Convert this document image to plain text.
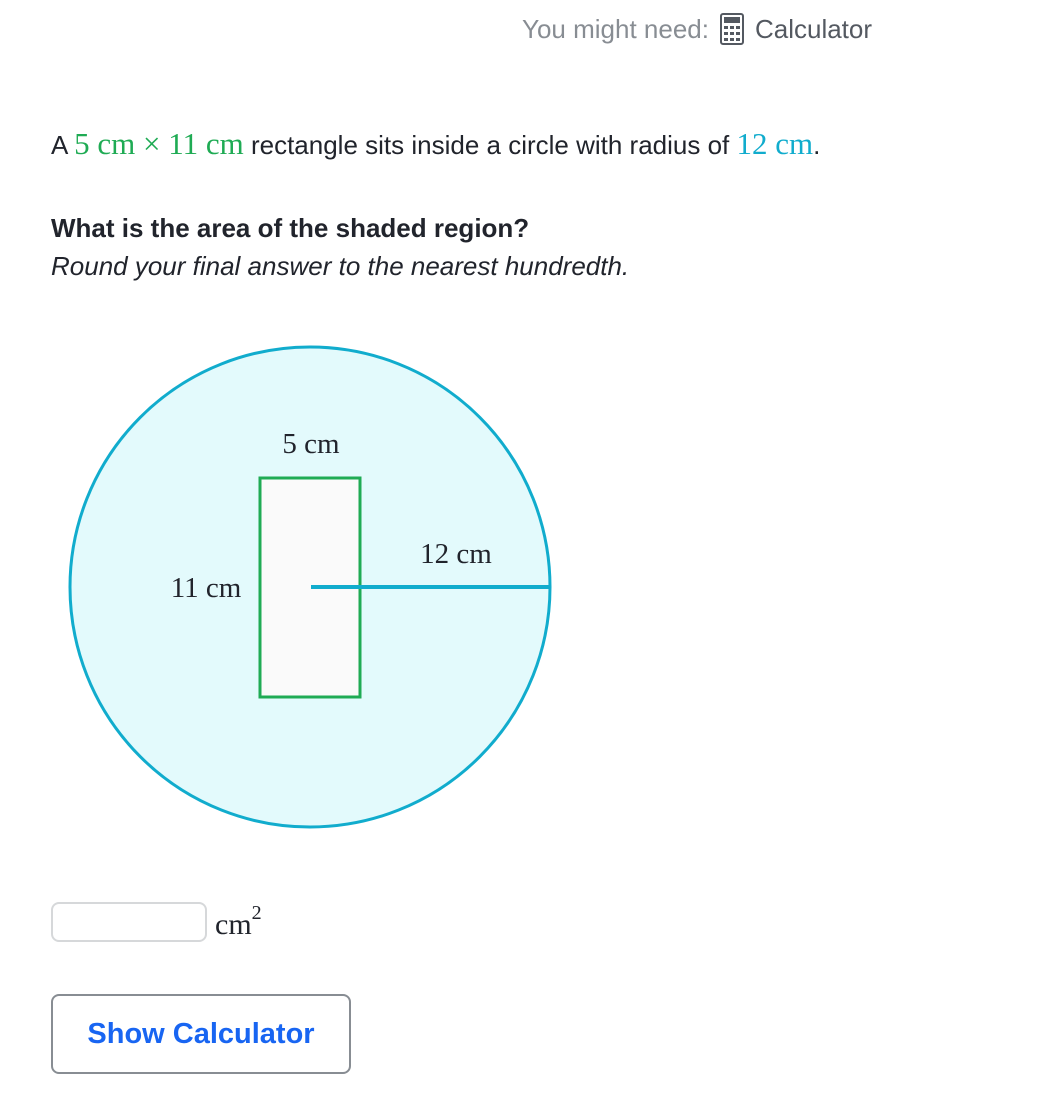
You might need: Calculator
A 5 cm × 11 cm rectangle sits inside a circle with radius of 12 cm.
What is the area of the shaded region?
Round your final answer to the nearest hundredth.
5 cm
11 cm
12 cm
$cm^2$
Show Calculator
